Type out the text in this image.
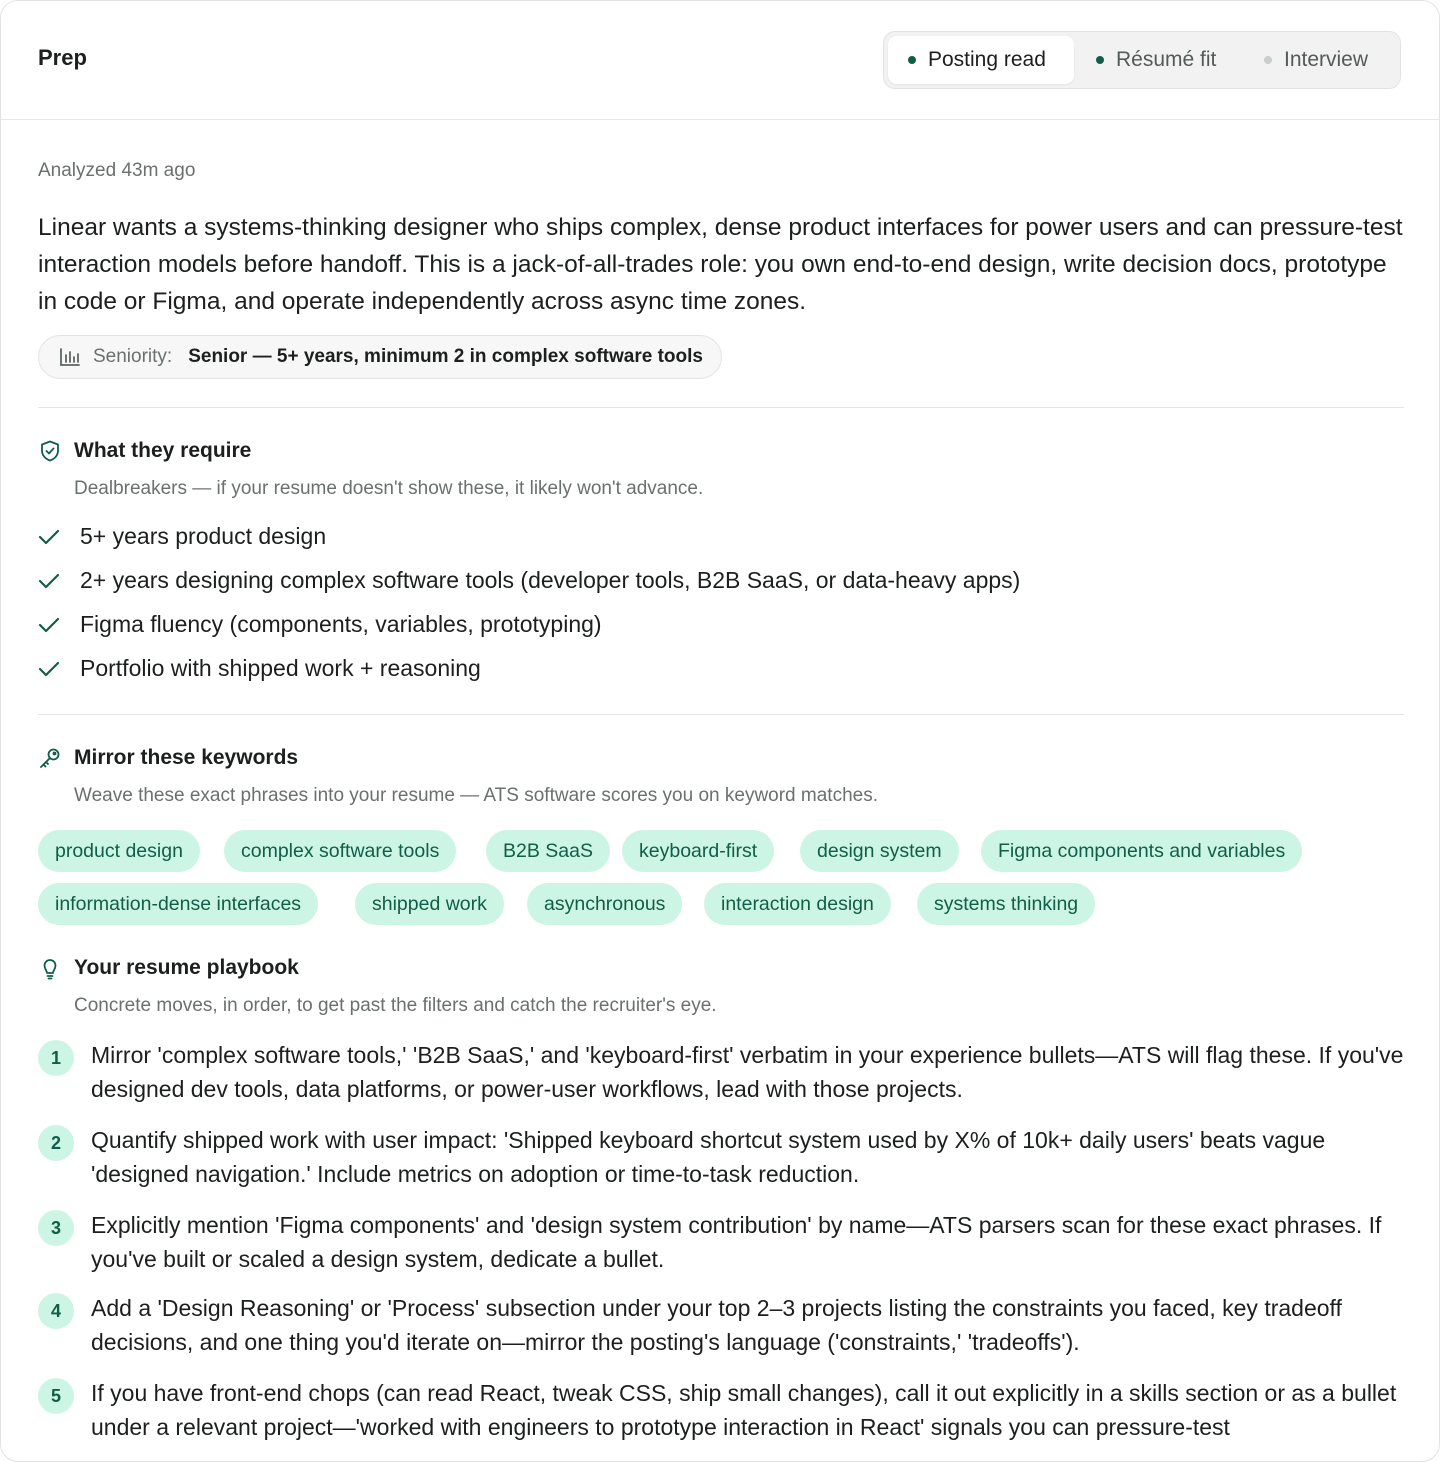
Prep	Posting read	Résumé fit	Interview
Analyzed 43m ago
Linear wants a systems-thinking designer who ships complex, dense product interfaces for power users and can pressure-test interaction models before handoff. This is a jack-of-all-trades role: you own end-to-end design, write decision docs, prototype in code or Figma, and operate independently across async time zones.
Seniority: Senior — 5+ years, minimum 2 in complex software tools
What they require
Dealbreakers — if your resume doesn't show these, it likely won't advance.
5+ years product design
2+ years designing complex software tools (developer tools, B2B SaaS, or data-heavy apps)
Figma fluency (components, variables, prototyping)
Portfolio with shipped work + reasoning
Mirror these keywords
Weave these exact phrases into your resume — ATS software scores you on keyword matches.
product design	complex software tools	B2B SaaS	keyboard-first	design system	Figma components and variables
information-dense interfaces	shipped work	asynchronous	interaction design	systems thinking
Your resume playbook
Concrete moves, in order, to get past the filters and catch the recruiter's eye.
1	Mirror 'complex software tools,' 'B2B SaaS,' and 'keyboard-first' verbatim in your experience bullets—ATS will flag these. If you've designed dev tools, data platforms, or power-user workflows, lead with those projects.
2	Quantify shipped work with user impact: 'Shipped keyboard shortcut system used by X% of 10k+ daily users' beats vague 'designed navigation.' Include metrics on adoption or time-to-task reduction.
3	Explicitly mention 'Figma components' and 'design system contribution' by name—ATS parsers scan for these exact phrases. If you've built or scaled a design system, dedicate a bullet.
4	Add a 'Design Reasoning' or 'Process' subsection under your top 2–3 projects listing the constraints you faced, key tradeoff decisions, and one thing you'd iterate on—mirror the posting's language ('constraints,' 'tradeoffs').
5	If you have front-end chops (can read React, tweak CSS, ship small changes), call it out explicitly in a skills section or as a bullet under a relevant project—'worked with engineers to prototype interaction in React' signals you can pressure-test
